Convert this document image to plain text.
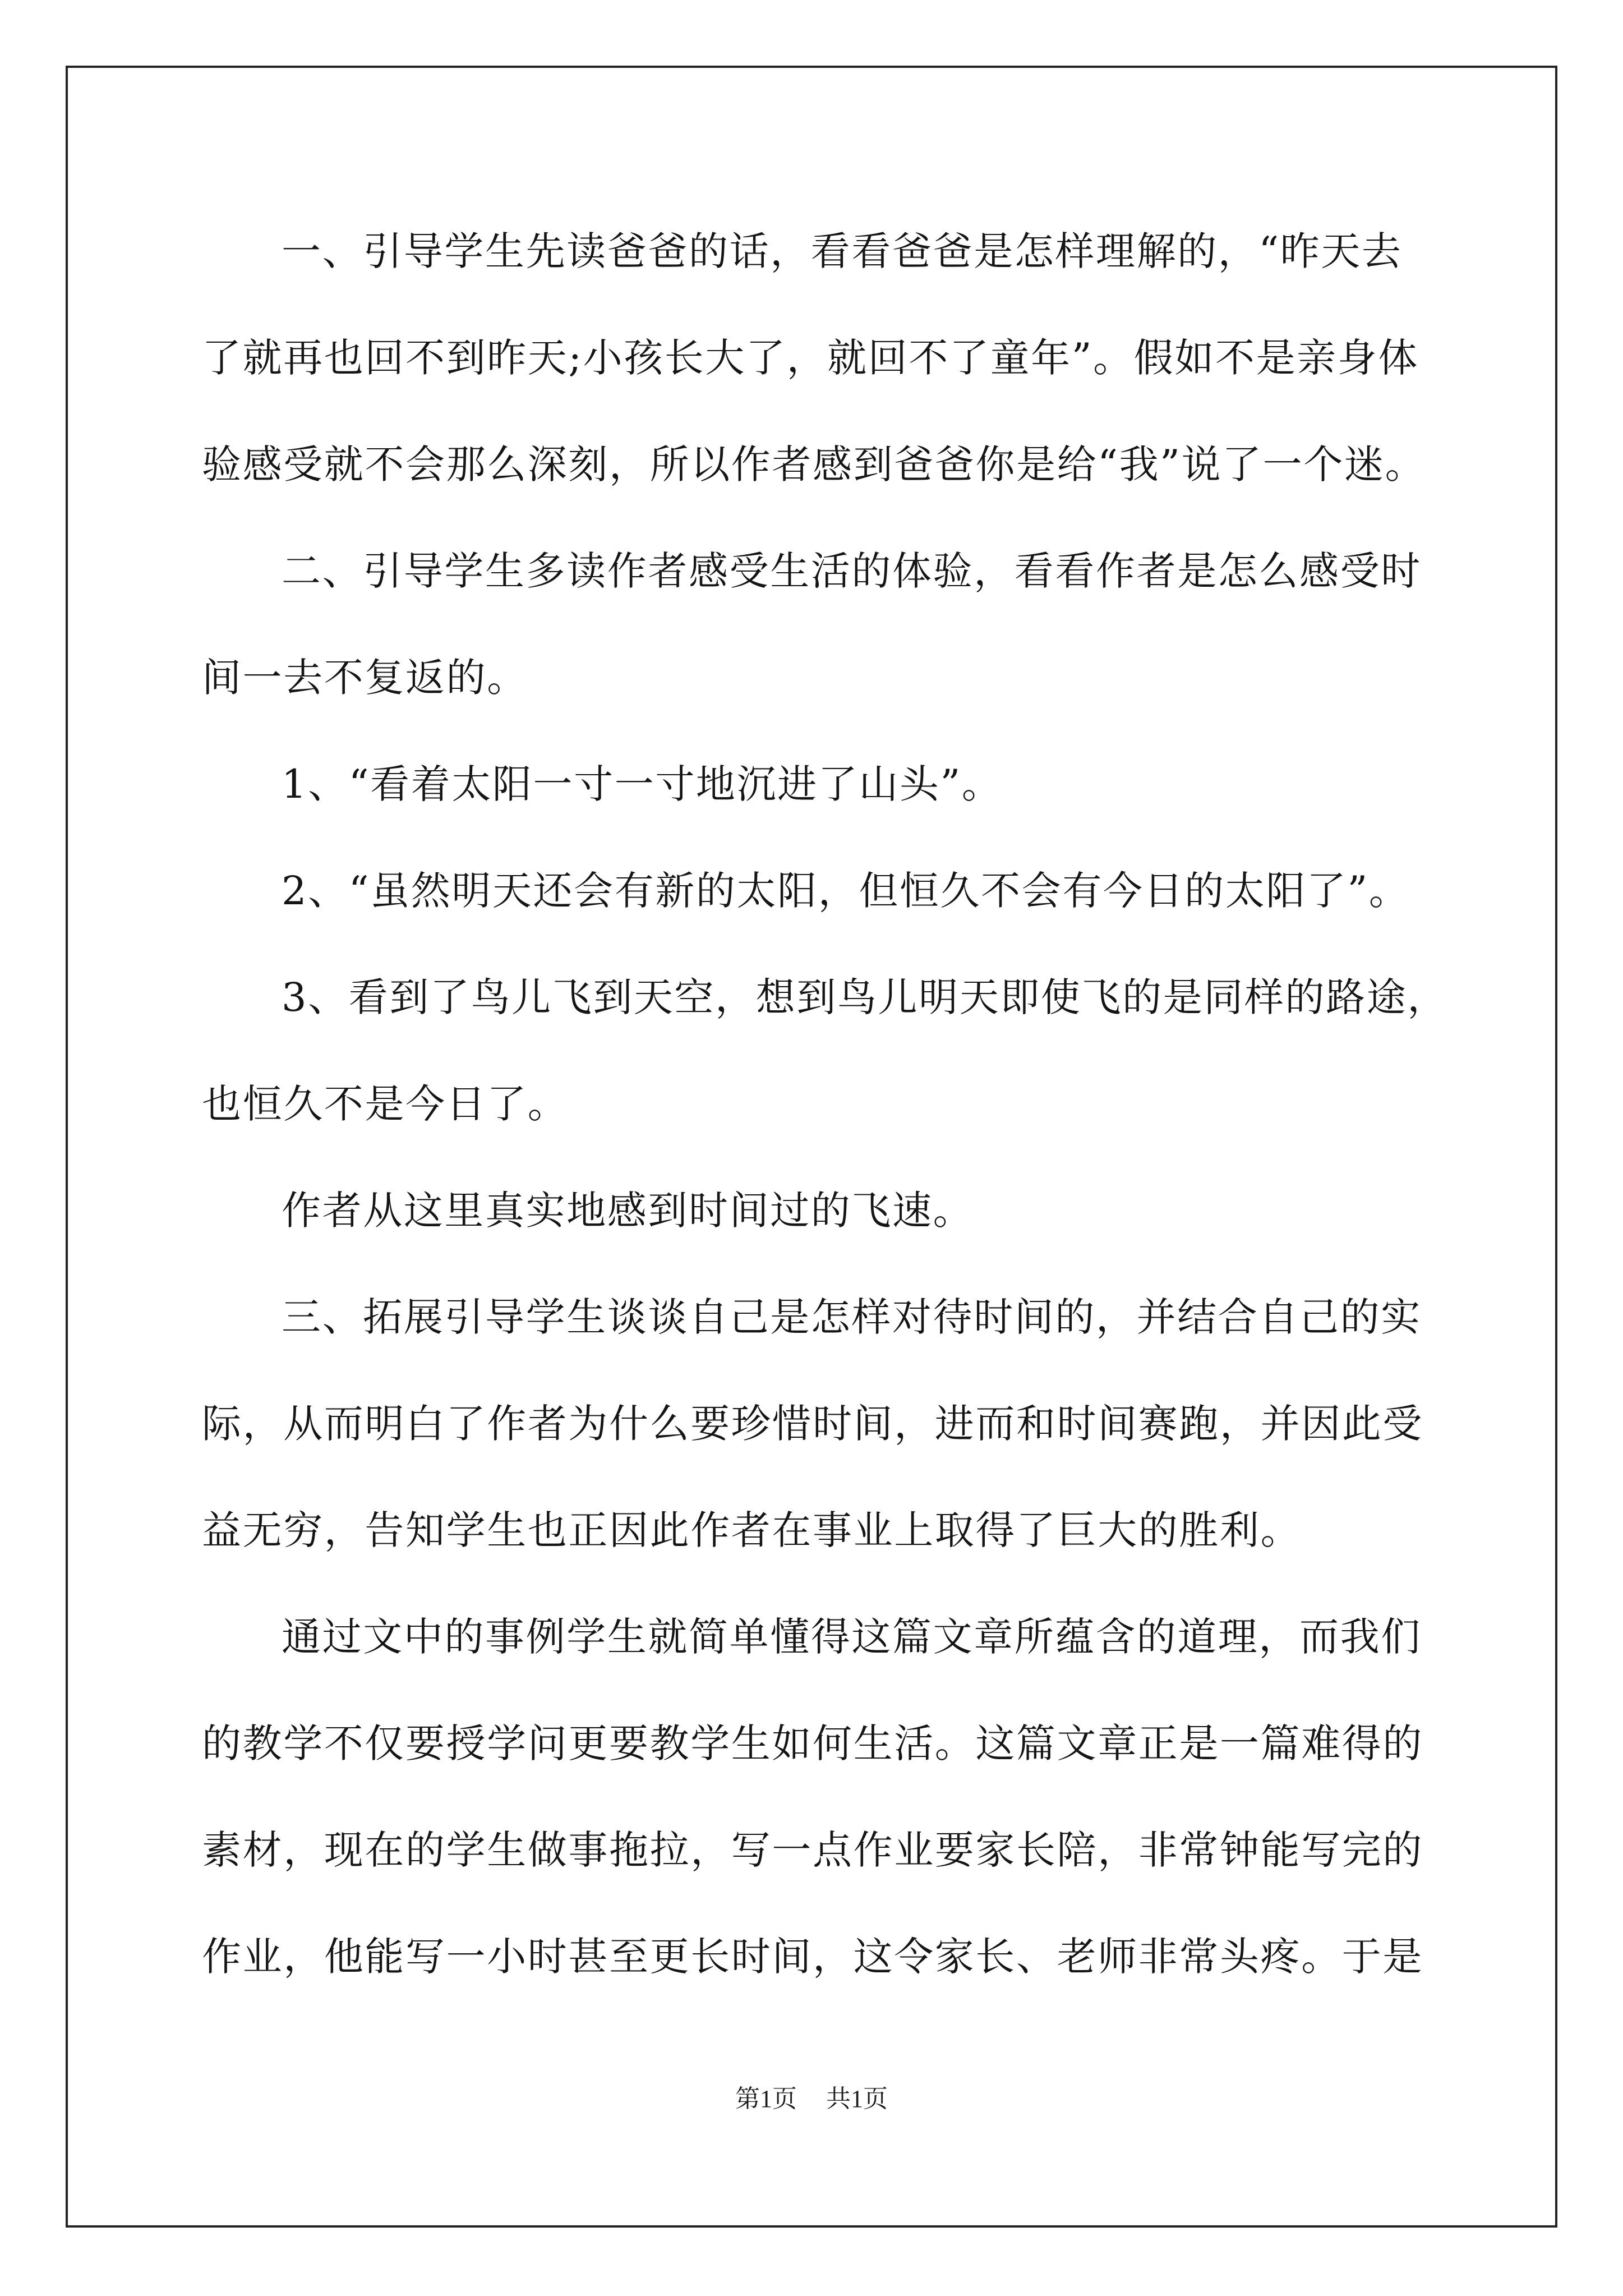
一、引导学生先读爸爸的话，看看爸爸是怎样理解的，“昨天去
了就再也回不到昨天;小孩长大了，就回不了童年”。假如不是亲身体
验感受就不会那么深刻，所以作者感到爸爸你是给“我”说了一个迷。
二、引导学生多读作者感受生活的体验，看看作者是怎么感受时
间一去不复返的。
1、“看着太阳一寸一寸地沉进了山头”。
2、“虽然明天还会有新的太阳，但恒久不会有今日的太阳了”。
3、看到了鸟儿飞到天空，想到鸟儿明天即使飞的是同样的路途，
也恒久不是今日了。
作者从这里真实地感到时间过的飞速。
三、拓展引导学生谈谈自己是怎样对待时间的，并结合自己的实
际，从而明白了作者为什么要珍惜时间，进而和时间赛跑，并因此受
益无穷，告知学生也正因此作者在事业上取得了巨大的胜利。
通过文中的事例学生就简单懂得这篇文章所蕴含的道理，而我们
的教学不仅要授学问更要教学生如何生活。这篇文章正是一篇难得的
素材，现在的学生做事拖拉，写一点作业要家长陪，非常钟能写完的
作业，他能写一小时甚至更长时间，这令家长、老师非常头疼。于是
第1页 共1页
